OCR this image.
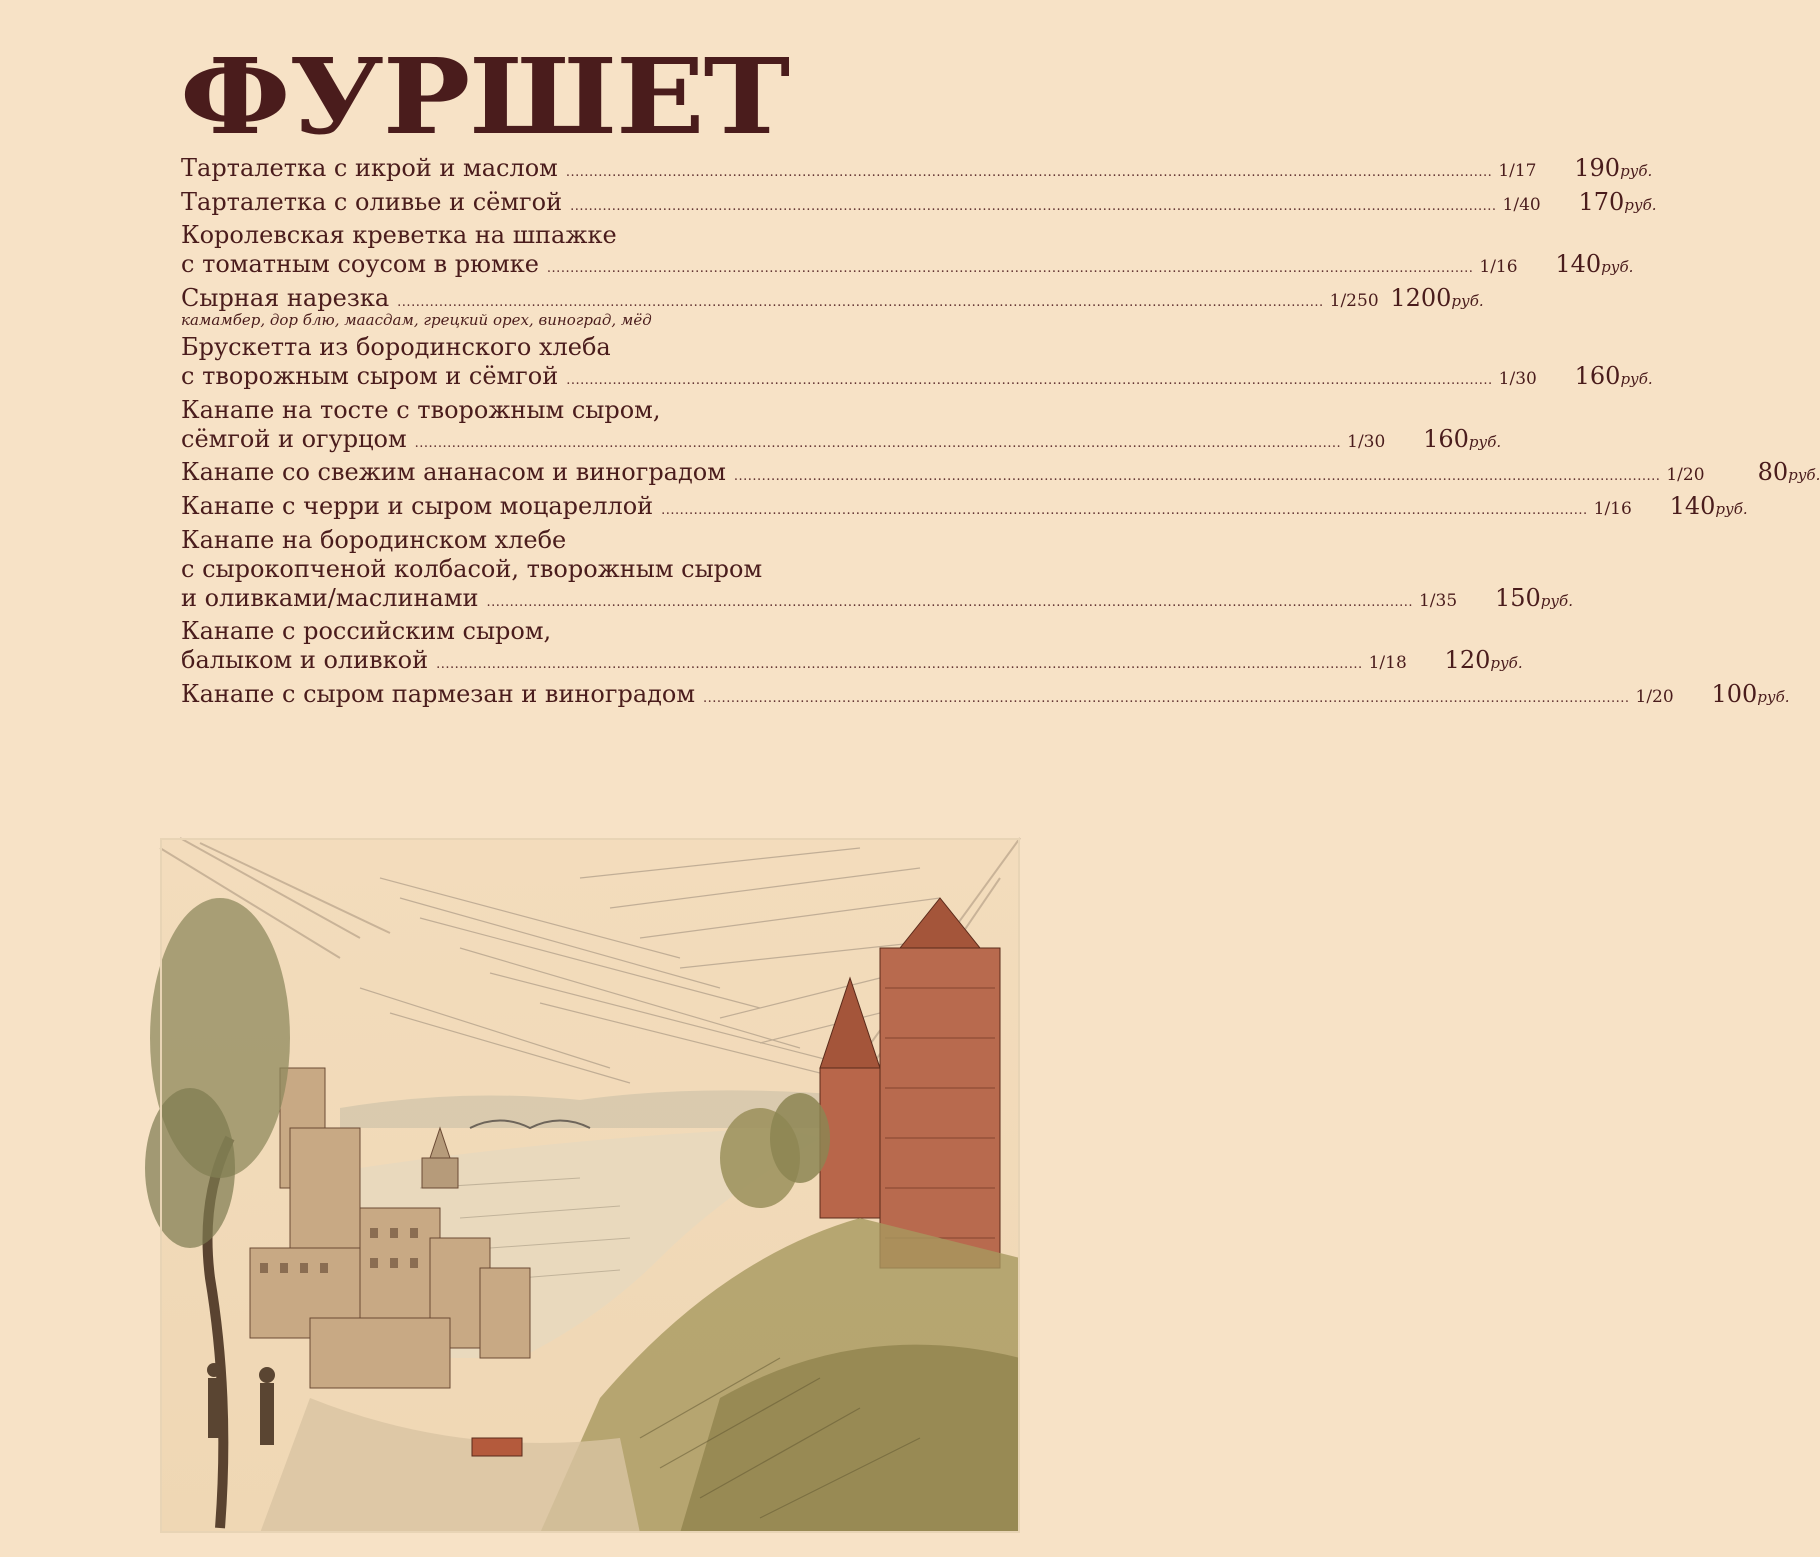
ФУРШЕТ
Тарталетка с икрой и маслом ........................................................................................................................................................................................................ 1/17	190руб.
Тарталетка с оливье и сёмгой ........................................................................................................................................................................................................ 1/40	170руб.
Королевская креветка на шпажке
с томатным соусом в рюмке ........................................................................................................................................................................................................ 1/16	140руб.
Сырная нарезка ........................................................................................................................................................................................................ 1/250 1200руб.
камамбер, дор блю, маасдам, грецкий орех, виноград, мёд
Брускетта из бородинского хлеба
с творожным сыром и сёмгой ........................................................................................................................................................................................................ 1/30	160руб.
Канапе на тосте с творожным сыром,
сёмгой и огурцом ........................................................................................................................................................................................................ 1/30	160руб.
Канапе со свежим ананасом и виноградом ........................................................................................................................................................................................................ 1/20	80руб.
Канапе с черри и сыром моцареллой ........................................................................................................................................................................................................ 1/16	140руб.
Канапе на бородинском хлебе
с сырокопченой колбасой, творожным сыром
и оливками/маслинами ........................................................................................................................................................................................................ 1/35	150руб.
Канапе с российским сыром,
балыком и оливкой ........................................................................................................................................................................................................ 1/18	120руб.
Канапе с сыром пармезан и виноградом ........................................................................................................................................................................................................ 1/20	100руб.
